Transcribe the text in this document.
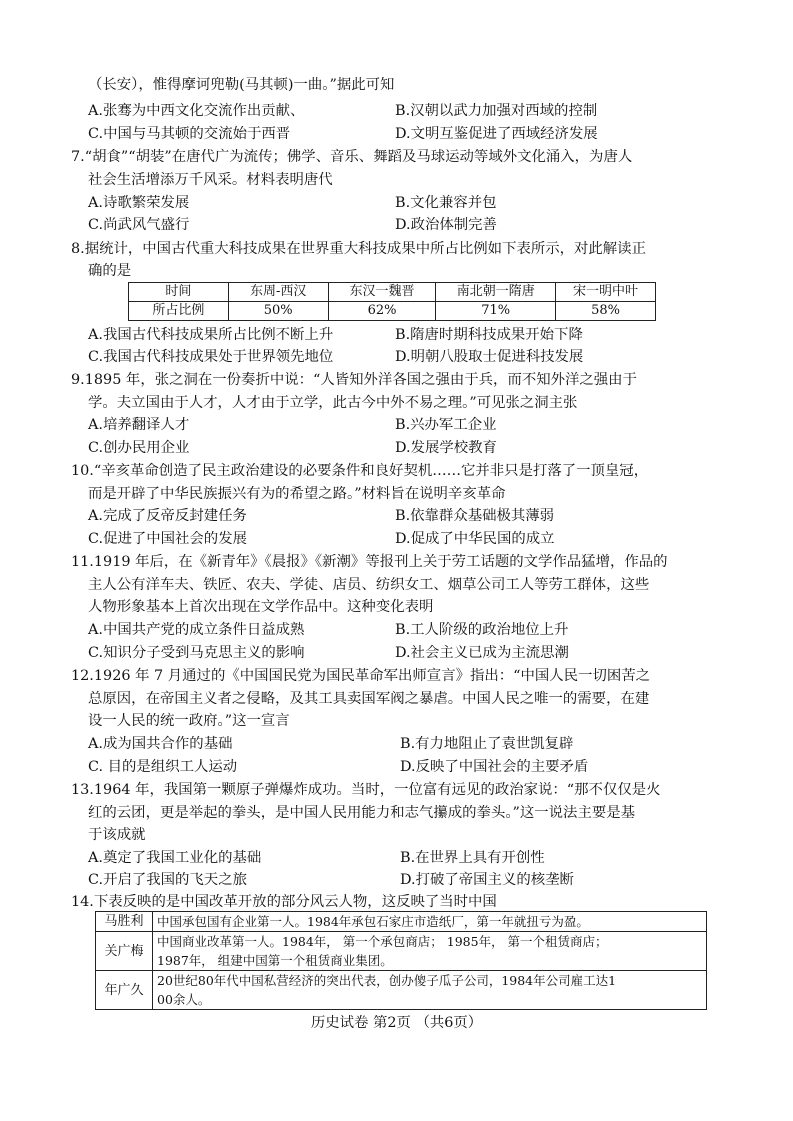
（长安），惟得摩诃兜勒(马其顿)一曲。”据此可知
A.张骞为中西文化交流作出贡献、	B.汉朝以武力加强对西域的控制
C.中国与马其顿的交流始于西晋	D.文明互鉴促进了西域经济发展
7.“胡食”“胡装”在唐代广为流传；佛学、音乐、舞蹈及马球运动等域外文化涌入，为唐人
社会生活增添万千风采。材料表明唐代
A.诗歌繁荣发展	B.文化兼容并包
C.尚武风气盛行	D.政治体制完善
8.据统计，中国古代重大科技成果在世界重大科技成果中所占比例如下表所示，对此解读正
确的是
时间	东周-西汉	东汉一魏晋	南北朝一隋唐	宋一明中叶
所占比例	50%	62%	71%	58%
A.我国古代科技成果所占比例不断上升	B.隋唐时期科技成果开始下降
C.我国古代科技成果处于世界领先地位	D.明朝八股取士促进科技发展
9.1895 年，张之洞在一份奏折中说：“人皆知外洋各国之强由于兵，而不知外洋之强由于
学。夫立国由于人才，人才由于立学，此古今中外不易之理。”可见张之洞主张
A.培养翻译人才	B.兴办军工企业
C.创办民用企业	D.发展学校教育
10.“辛亥革命创造了民主政治建设的必要条件和良好契机……它并非只是打落了一顶皇冠，
而是开辟了中华民族振兴有为的希望之路。”材料旨在说明辛亥革命
A.完成了反帝反封建任务	B.依靠群众基础极其薄弱
C.促进了中国社会的发展	D.促成了中华民国的成立
11.1919 年后，在《新青年》《晨报》《新潮》等报刊上关于劳工话题的文学作品猛增，作品的
主人公有洋车夫、铁匠、农夫、学徒、店员、纺织女工、烟草公司工人等劳工群体，这些
人物形象基本上首次出现在文学作品中。这种变化表明
A.中国共产党的成立条件日益成熟	B.工人阶级的政治地位上升
C.知识分子受到马克思主义的影响	D.社会主义已成为主流思潮
12.1926 年 7 月通过的《中国国民党为国民革命军出师宣言》指出：“中国人民一切困苦之
总原因，在帝国主义者之侵略，及其工具卖国军阀之暴虐。中国人民之唯一的需要，在建
设一人民的统一政府。”这一宣言
A.成为国共合作的基础	B.有力地阻止了袁世凯复辟
C. 目的是组织工人运动	D.反映了中国社会的主要矛盾
13.1964 年，我国第一颗原子弹爆炸成功。当时，一位富有远见的政治家说：“那不仅仅是火
红的云团，更是举起的拳头，是中国人民用能力和志气攥成的拳头。”这一说法主要是基
于该成就
A.奠定了我国工业化的基础	B.在世界上具有开创性
C.开启了我国的飞天之旅	D.打破了帝国主义的核垄断
14.下表反映的是中国改革开放的部分风云人物，这反映了当时中国
马胜利	中国承包国有企业第一人。1984年承包石家庄市造纸厂，第一年就扭亏为盈。
关广梅	中国商业改革第一人。1984年， 第一个承包商店； 1985年， 第一个租赁商店；
1987年， 组建中国第一个租赁商业集团。

年广久	20世纪80年代中国私营经济的突出代表，创办傻子瓜子公司，1984年公司雇工达1
00余人。
历史试卷 第2页 （共6页）
